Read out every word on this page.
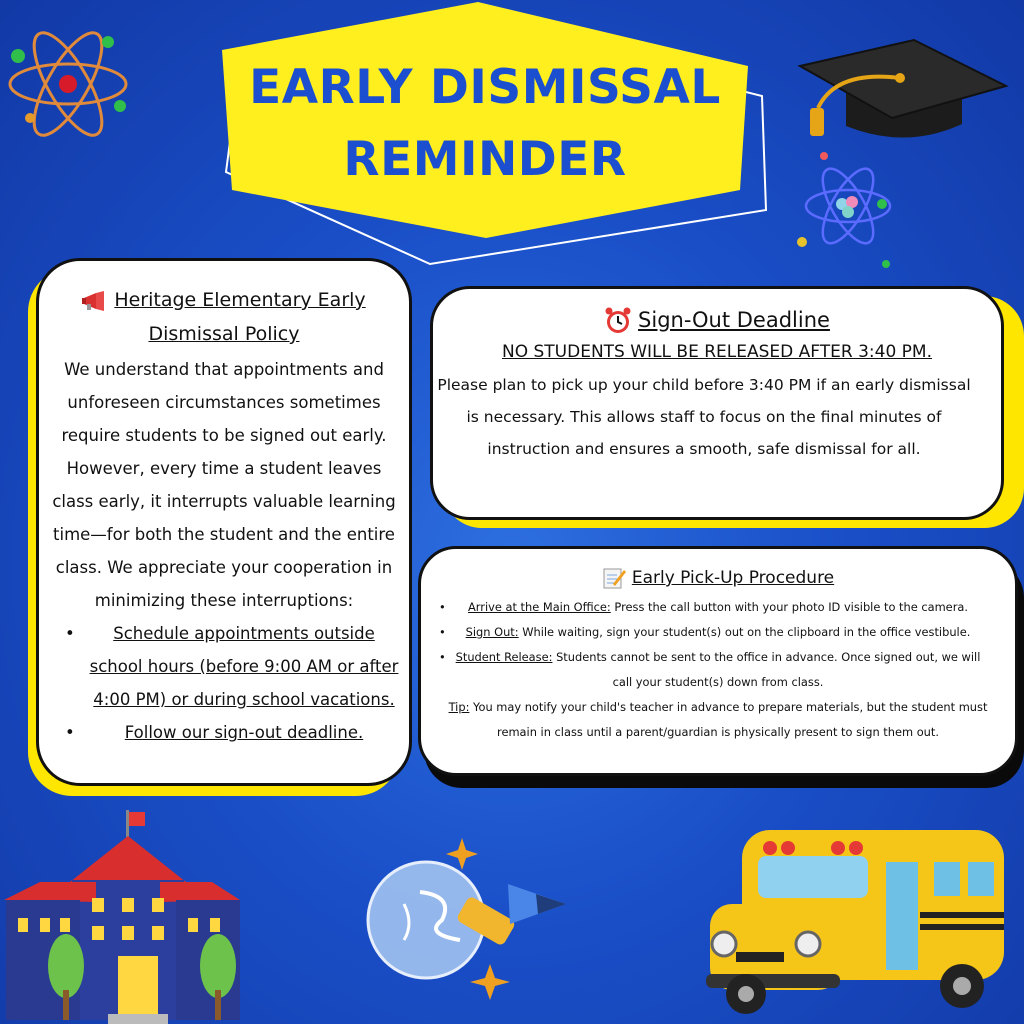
EARLY DISMISSAL
REMINDER
Heritage Elementary Early Dismissal Policy
We understand that appointments and unforeseen circumstances sometimes require students to be signed out early. However, every time a student leaves class early, it interrupts valuable learning time—for both the student and the entire class. We appreciate your cooperation in minimizing these interruptions:
• Schedule appointments outside school hours (before 9:00 AM or after 4:00 PM) or during school vacations.
•	Follow our sign-out deadline.
Sign-Out Deadline
NO STUDENTS WILL BE RELEASED AFTER 3:40 PM.
Please plan to pick up your child before 3:40 PM if an early dismissal is necessary. This allows staff to focus on the final minutes of instruction and ensures a smooth, safe dismissal for all.
Early Pick-Up Procedure
• Arrive at the Main Office: Press the call button with your photo ID visible to the camera.
• Sign Out: While waiting, sign your student(s) out on the clipboard in the office vestibule.
• Student Release: Students cannot be sent to the office in advance. Once signed out, we will call your student(s) down from class.
Tip: You may notify your child's teacher in advance to prepare materials, but the student must remain in class until a parent/guardian is physically present to sign them out.
